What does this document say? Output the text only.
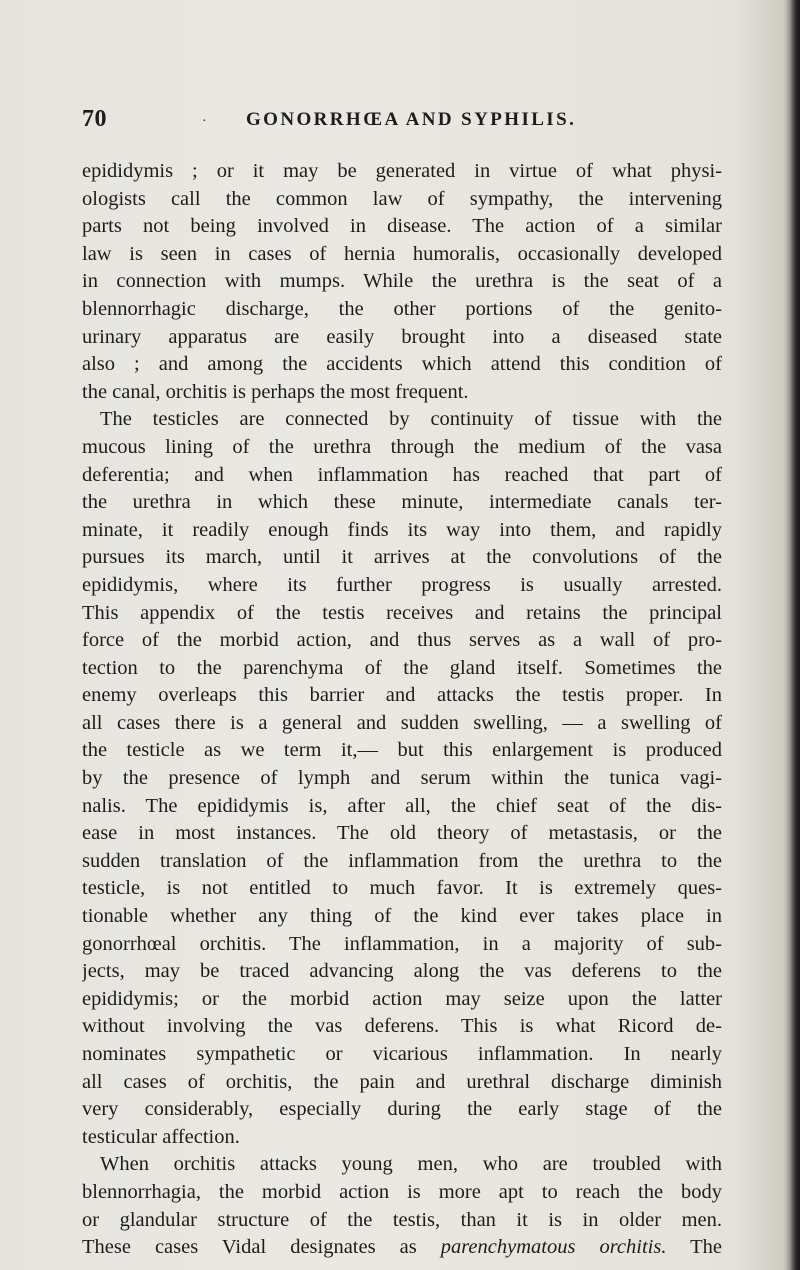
70	· GONORRHŒA AND SYPHILIS.
epididymis ; or it may be generated in virtue of what physi-
ologists call the common law of sympathy, the intervening
parts not being involved in disease. The action of a similar
law is seen in cases of hernia humoralis, occasionally developed
in connection with mumps. While the urethra is the seat of a
blennorrhagic discharge, the other portions of the genito-
urinary apparatus are easily brought into a diseased state
also ; and among the accidents which attend this condition of
the canal, orchitis is perhaps the most frequent.
The testicles are connected by continuity of tissue with the
mucous lining of the urethra through the medium of the vasa
deferentia; and when inflammation has reached that part of
the urethra in which these minute, intermediate canals ter-
minate, it readily enough finds its way into them, and rapidly
pursues its march, until it arrives at the convolutions of the
epididymis, where its further progress is usually arrested.
This appendix of the testis receives and retains the principal
force of the morbid action, and thus serves as a wall of pro-
tection to the parenchyma of the gland itself. Sometimes the
enemy overleaps this barrier and attacks the testis proper. In
all cases there is a general and sudden swelling, — a swelling of
the testicle as we term it,— but this enlargement is produced
by the presence of lymph and serum within the tunica vagi-
nalis. The epididymis is, after all, the chief seat of the dis-
ease in most instances. The old theory of metastasis, or the
sudden translation of the inflammation from the urethra to the
testicle, is not entitled to much favor. It is extremely ques-
tionable whether any thing of the kind ever takes place in
gonorrhœal orchitis. The inflammation, in a majority of sub-
jects, may be traced advancing along the vas deferens to the
epididymis; or the morbid action may seize upon the latter
without involving the vas deferens. This is what Ricord de-
nominates sympathetic or vicarious inflammation. In nearly
all cases of orchitis, the pain and urethral discharge diminish
very considerably, especially during the early stage of the
testicular affection.
When orchitis attacks young men, who are troubled with
blennorrhagia, the morbid action is more apt to reach the body
or glandular structure of the testis, than it is in older men.
These cases Vidal designates as parenchymatous orchitis. The
